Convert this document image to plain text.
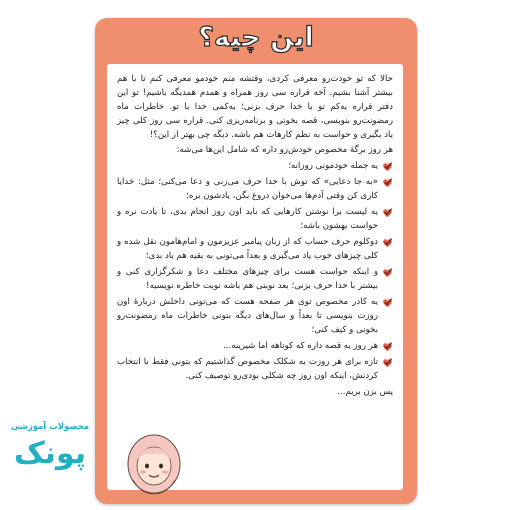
این چیه؟

حالا که تو خودت‌رو معرفی کردی، وقتشه منم خودمو معرفی کنم تا با هم بیشتر آشنا بشیم. آخه قراره سی روز همراه و همدم همدیگه باشیم! تو این دفتر قراره یه‌کم تو با خدا حرف بزنی؛ یه‌کمی خدا با تو. خاطرات ماه رمضونت‌رو بنویسی، قصه بخونی و برنامه‌ریزی کنی. قراره سی روز کلی چیز یاد بگیری و حواست به نظم کارهات هم باشه. دیگه چی بهتر از این؟!

هر روز برگهٔ مخصوص خودش‌رو داره که شامل این‌ها می‌شه:

یه جمله خودمونی روزانه؛
«به جا دعایی» که توش با خدا حرف می‌زنی و دعا می‌کنی؛ مثل: خدایا کاری کن وقتی آدم‌ها می‌خوان دروغ بگن، یادشون بره؛
یه لیست برا نوشتن کارهایی که باید اون روز انجام بدی، تا یادت نره و حواست بهشون باشه؛
دوکلوم حرف حساب که از زبان پیامبر عزیزمون و امام‌هامون نقل شده و کلی چیزهای خوب یاد می‌گیری و بعداً می‌تونی به بقیه هم یاد بدی؛
و اینکه حواست هست برای چیزهای مختلف دعا و شکرگزاری کنی و بیشتر با خدا حرف بزنی؛ بعد نوبتی هم باشه نوبت خاطره نویسیه!
یه کادر مخصوص توی هر صفحه هست که می‌تونی داخلش دربارهٔ اون روزت بنویسی تا بعداً و سال‌های دیگه بتونی خاطرات ماه رمضونت‌رو بخونی و کیف کنی؛
هر روز یه قصه داره که کوتاهه اما شیرینه...
تازه برای هر روزت یه شکلک مخصوص گذاشتیم که بتونی فقط با انتخاب کردنش، اینکه اون روز چه شکلی بودی‌رو توصیف کنی.

پس بزن بریم...

محصولات آموزشی
پونک
